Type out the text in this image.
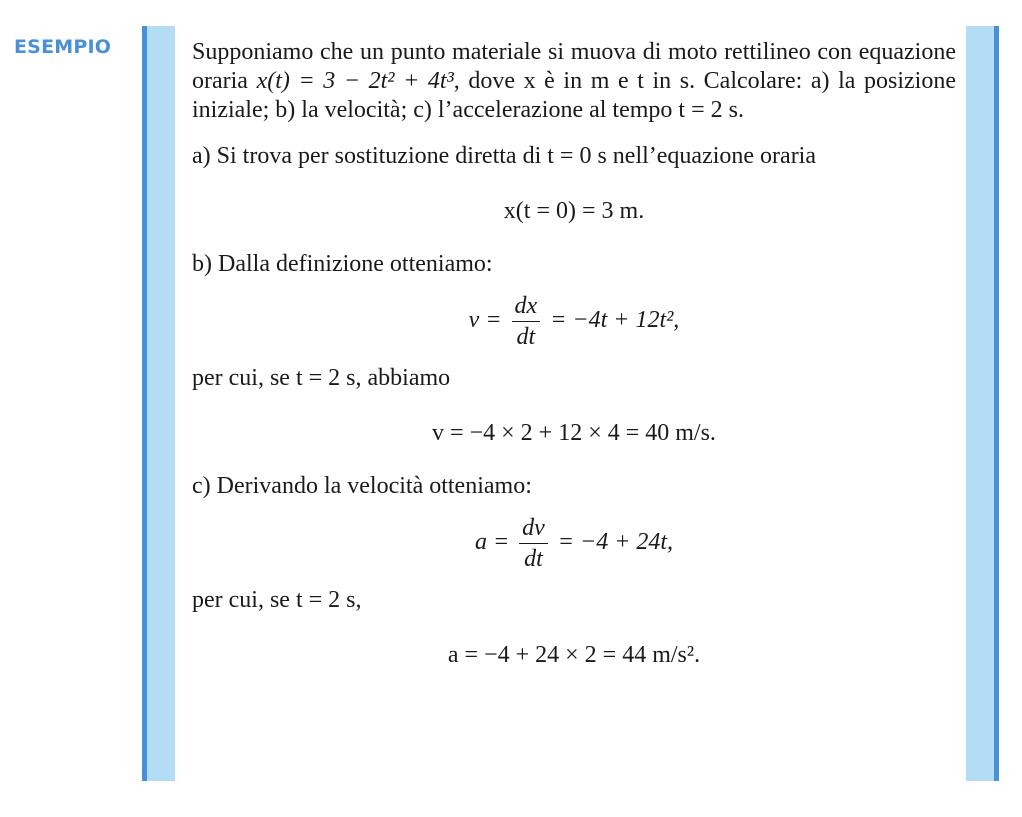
ESEMPIO	Supponiamo che un punto materiale si muova di moto rettilineo con equazione oraria x(t) = 3 − 2t² + 4t³, dove x è in m e t in s. Calcolare: a) la posizione iniziale; b) la velocità; c) l’accelerazione al tempo t = 2 s.

a) Si trova per sostituzione diretta di t = 0 s nell’equazione oraria

x(t = 0) = 3 m.

b) Dalla definizione otteniamo:

$v = \frac{dx}{dt} = -4t + 12t^2$,

per cui, se t = 2 s, abbiamo

v = −4 × 2 + 12 × 4 = 40 m/s.

c) Derivando la velocità otteniamo:

$a = \frac{dv}{dt} = -4 + 24t$,

per cui, se t = 2 s,

a = −4 + 24 × 2 = 44 m/s².
